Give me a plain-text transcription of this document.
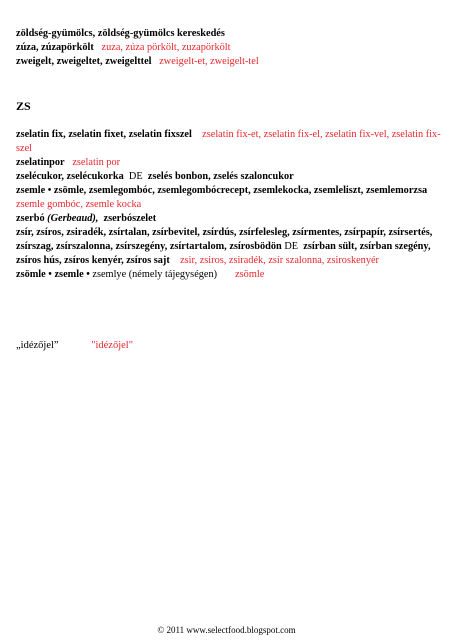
zöldség-gyümölcs, zöldség-gyümölcs kereskedés
zúza, zúzapörkölt zuza, zúza pörkölt, zuzapörkölt
zweigelt, zweigeltet, zweigelttel zweigelt-et, zweigelt-tel
ZS
zselatin fix, zselatin fixet, zselatin fixszel zselatin fix-et, zselatin fix-el, zselatin fix-vel, zselatin fix-szel
zselatinpor zselatin por
zselécukor, zselécukorka DE zselés bonbon, zselés szaloncukor
zsemle • zsömle, zsemlegombóc, zsemlegombócrecept, zsemlekocka, zsemleliszt, zsemlemorzsa   zsemle gombóc, zsemle kocka
zserbó (Gerbeaud), zserbószelet
zsír, zsíros, zsiradék, zsírtalan, zsírbevitel, zsírdús, zsírfelesleg, zsírmentes, zsírpapír, zsírsertés, zsírszag, zsírszalonna, zsírszegény, zsírtartalom, zsírosbödön DE zsírban sült, zsírban szegény, zsíros hús, zsíros kenyér, zsíros sajt zsir, zsiros, zsiradék, zsír szalonna, zsiroskenyér
zsömle • zsemle • zsemlye (némely tájegységen) zsömle
„idézőjel”	"idézőjel"
© 2011 www.selectfood.blogspot.com
